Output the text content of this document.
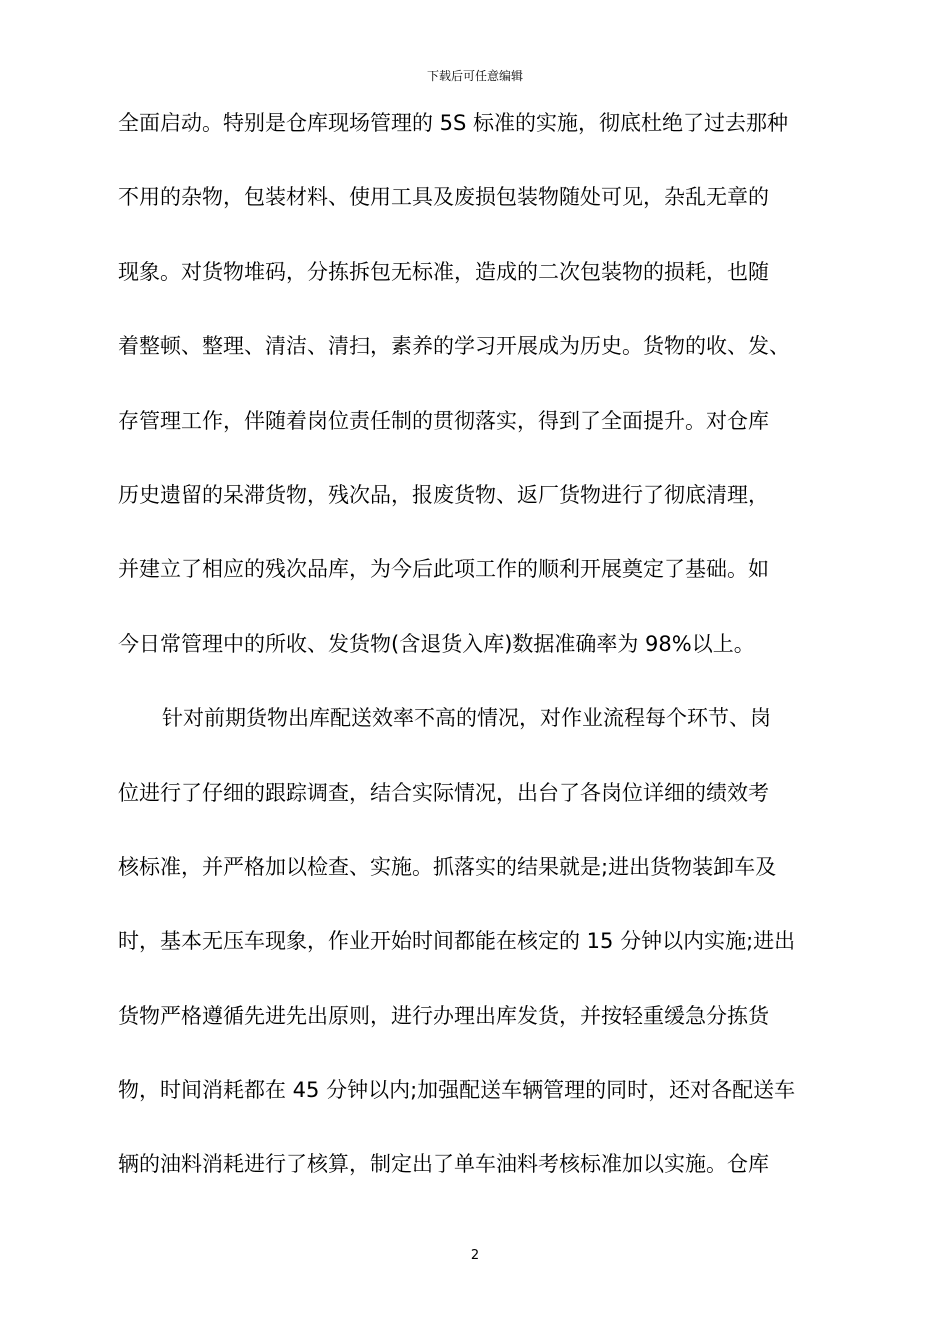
下载后可任意编辑
全面启动。特别是仓库现场管理的 5S 标准的实施，彻底杜绝了过去那种
不用的杂物，包装材料、使用工具及废损包装物随处可见，杂乱无章的
现象。对货物堆码，分拣拆包无标准，造成的二次包装物的损耗，也随
着整顿、整理、清洁、清扫，素养的学习开展成为历史。货物的收、发、
存管理工作，伴随着岗位责任制的贯彻落实，得到了全面提升。对仓库
历史遗留的呆滞货物，残次品，报废货物、返厂货物进行了彻底清理，
并建立了相应的残次品库，为今后此项工作的顺利开展奠定了基础。如
今日常管理中的所收、发货物(含退货入库)数据准确率为 98%以上。
针对前期货物出库配送效率不高的情况，对作业流程每个环节、岗
位进行了仔细的跟踪调查，结合实际情况，出台了各岗位详细的绩效考
核标准，并严格加以检查、实施。抓落实的结果就是;进出货物装卸车及
时，基本无压车现象，作业开始时间都能在核定的 15 分钟以内实施;进出
货物严格遵循先进先出原则，进行办理出库发货，并按轻重缓急分拣货
物，时间消耗都在 45 分钟以内;加强配送车辆管理的同时，还对各配送车
辆的油料消耗进行了核算，制定出了单车油料考核标准加以实施。仓库
2
